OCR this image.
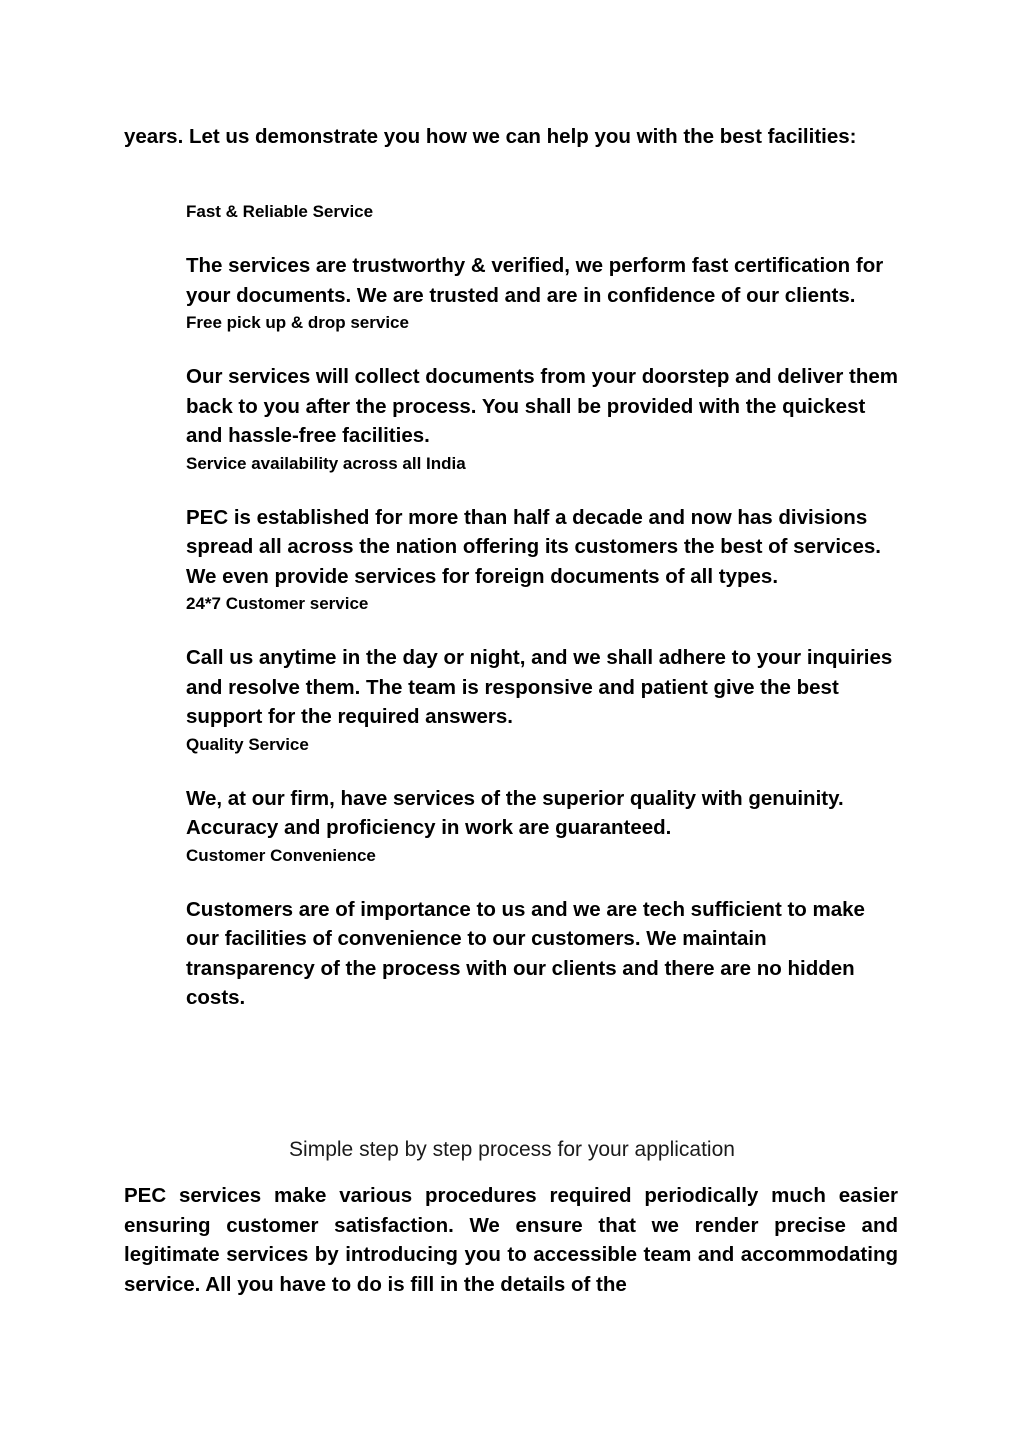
years. Let us demonstrate you how we can help you with the best facilities:

Fast & Reliable Service

The services are trustworthy & verified, we perform fast certification for your documents. We are trusted and are in confidence of our clients.

Free pick up & drop service

Our services will collect documents from your doorstep and deliver them back to you after the process. You shall be provided with the quickest and hassle-free facilities.

Service availability across all India

PEC is established for more than half a decade and now has divisions spread all across the nation offering its customers the best of services. We even provide services for foreign documents of all types.

24*7 Customer service

Call us anytime in the day or night, and we shall adhere to your inquiries and resolve them. The team is responsive and patient give the best support for the required answers.

Quality Service

We, at our firm, have services of the superior quality with genuinity. Accuracy and proficiency in work are guaranteed.

Customer Convenience

Customers are of importance to us and we are tech sufficient to make our facilities of convenience to our customers. We maintain transparency of the process with our clients and there are no hidden costs.

Simple step by step process for your application

PEC services make various procedures required periodically much easier ensuring customer satisfaction. We ensure that we render precise and legitimate services by introducing you to accessible team and accommodating service. All you have to do is fill in the details of the
